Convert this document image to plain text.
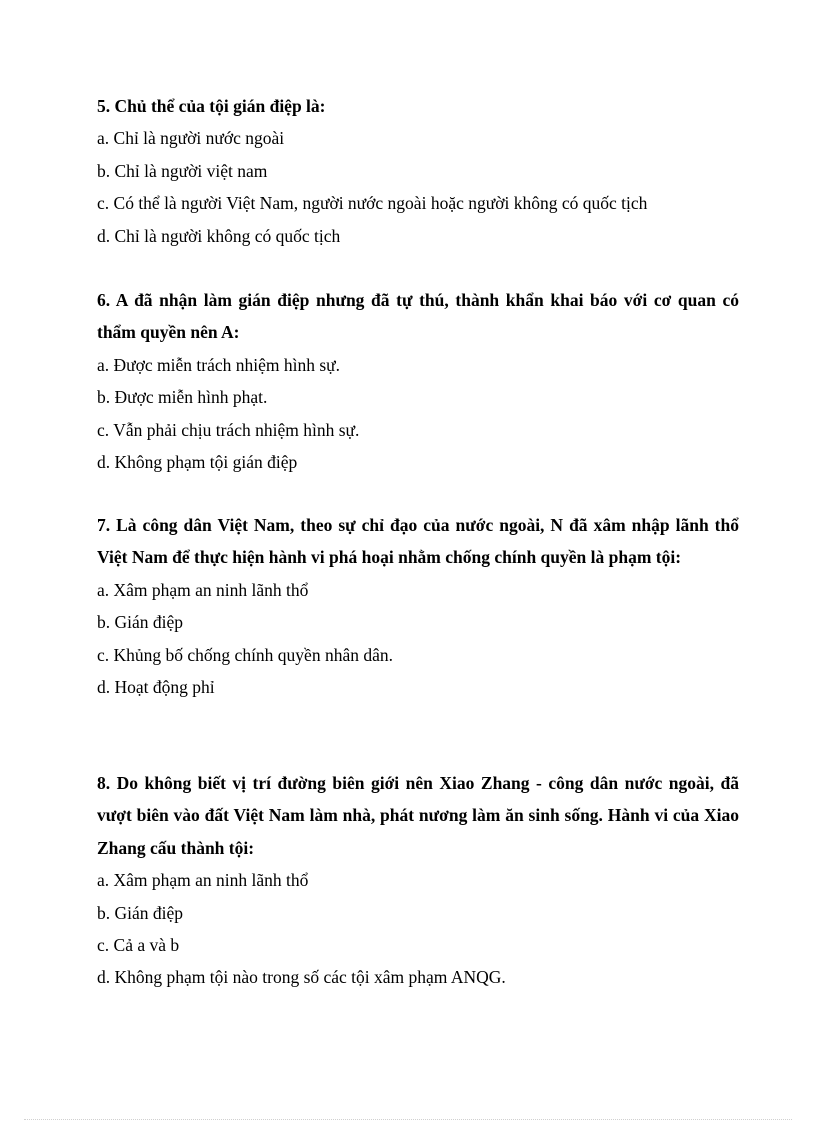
5. Chủ thể của tội gián điệp là:

a. Chỉ là người nước ngoài
b. Chỉ là người việt nam
c. Có thể là người Việt Nam, người nước ngoài hoặc người không có quốc tịch
d. Chỉ là người không có quốc tịch

6. A đã nhận làm gián điệp nhưng đã tự thú, thành khẩn khai báo với cơ quan có thẩm quyền nên A:

a. Được miễn trách nhiệm hình sự.
b. Được miễn hình phạt.
c. Vẫn phải chịu trách nhiệm hình sự.
d. Không phạm tội gián điệp

7. Là công dân Việt Nam, theo sự chỉ đạo của nước ngoài, N đã xâm nhập lãnh thổ Việt Nam để thực hiện hành vi phá hoại nhằm chống chính quyền là phạm tội:

a. Xâm phạm an ninh lãnh thổ
b. Gián điệp
c. Khủng bố chống chính quyền nhân dân.
d. Hoạt động phỉ

8. Do không biết vị trí đường biên giới nên Xiao Zhang - công dân nước ngoài, đã vượt biên vào đất Việt Nam làm nhà, phát nương làm ăn sinh sống. Hành vi của Xiao Zhang cấu thành tội:

a. Xâm phạm an ninh lãnh thổ
b. Gián điệp
c. Cả a và b
d. Không phạm tội nào trong số các tội xâm phạm ANQG.
